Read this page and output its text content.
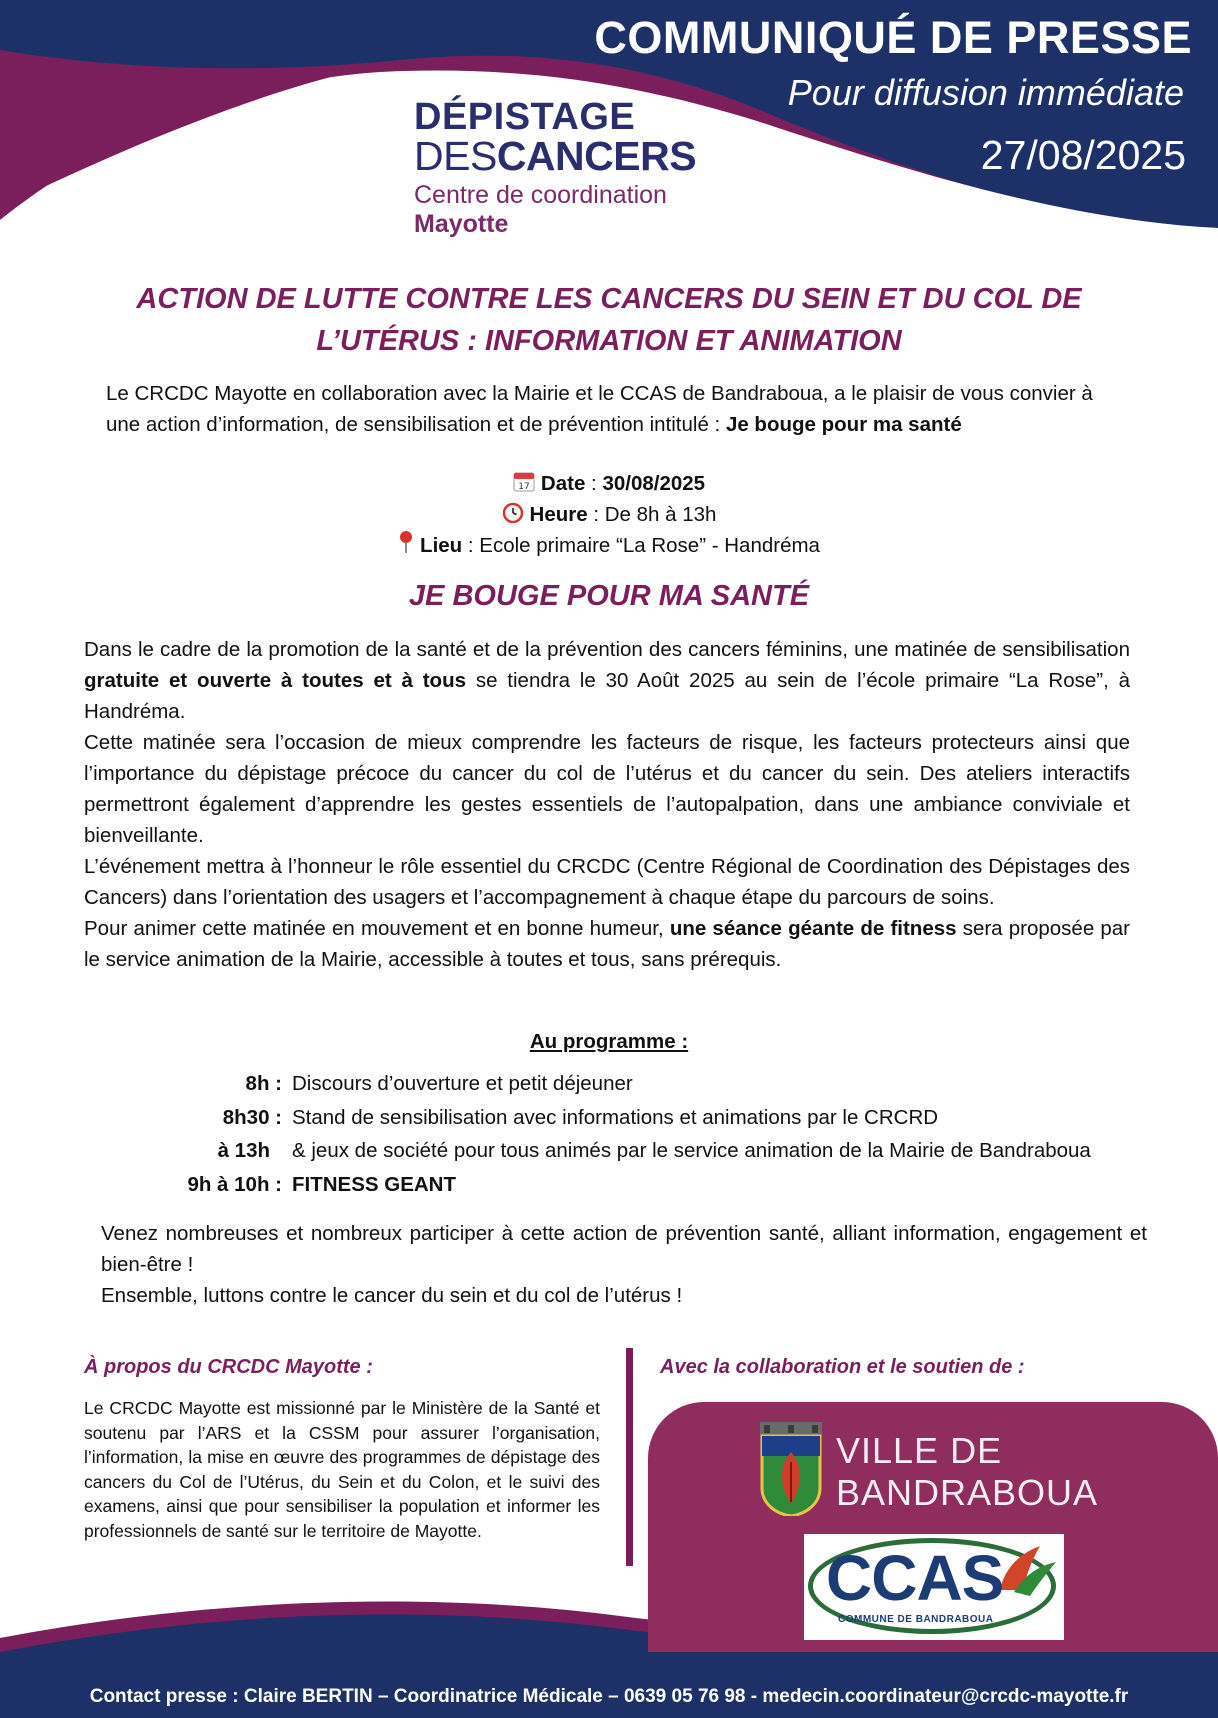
COMMUNIQUÉ DE PRESSE
Pour diffusion immédiate
27/08/2025
DÉPISTAGE
DESCANCERS
Centre de coordination
Mayotte
ACTION DE LUTTE CONTRE LES CANCERS DU SEIN ET DU COL DE
L’UTÉRUS : INFORMATION ET ANIMATION
Le CRCDC Mayotte en collaboration avec la Mairie et le CCAS de Bandraboua, a le plaisir de vous convier à une action d’information, de sensibilisation et de prévention intitulé : Je bouge pour ma santé
17 Date : 30/08/2025
Heure : De 8h à 13h
Lieu : Ecole primaire “La Rose” - Handréma
JE BOUGE POUR MA SANTÉ

Dans le cadre de la promotion de la santé et de la prévention des cancers féminins, une matinée de sensibilisation gratuite et ouverte à toutes et à tous se tiendra le 30 Août 2025 au sein de l’école primaire “La Rose”, à Handréma.

Cette matinée sera l’occasion de mieux comprendre les facteurs de risque, les facteurs protecteurs ainsi que l’importance du dépistage précoce du cancer du col de l’utérus et du cancer du sein. Des ateliers interactifs permettront également d’apprendre les gestes essentiels de l’autopalpation, dans une ambiance conviviale et bienveillante.

L’événement mettra à l’honneur le rôle essentiel du CRCDC (Centre Régional de Coordination des Dépistages des Cancers) dans l’orientation des usagers et l’accompagnement à chaque étape du parcours de soins.

Pour animer cette matinée en mouvement et en bonne humeur, une séance géante de fitness sera proposée par le service animation de la Mairie, accessible à toutes et tous, sans prérequis.

Au programme :
8h : Discours d’ouverture et petit déjeuner
8h30 : Stand de sensibilisation avec informations et animations par le CRCRD
à 13h & jeux de société pour tous animés par le service animation de la Mairie de Bandraboua
9h à 10h : FITNESS GEANT

Venez nombreuses et nombreux participer à cette action de prévention santé, alliant information, engagement et bien-être !

Ensemble, luttons contre le cancer du sein et du col de l’utérus !

À propos du CRCDC Mayotte :
Le CRCDC Mayotte est missionné par le Ministère de la Santé et soutenu par l’ARS et la CSSM pour assurer l’organisation, l’information, la mise en œuvre des programmes de dépistage des cancers du Col de l’Utérus, du Sein et du Colon, et le suivi des examens, ainsi que pour sensibiliser la population et informer les professionnels de santé sur le territoire de Mayotte.
Avec la collaboration et le soutien de :
VILLE DE
BANDRABOUA
CCAS
COMMUNE DE BANDRABOUA
Contact presse : Claire BERTIN – Coordinatrice Médicale – 0639 05 76 98 - medecin.coordinateur@crcdc-mayotte.fr
